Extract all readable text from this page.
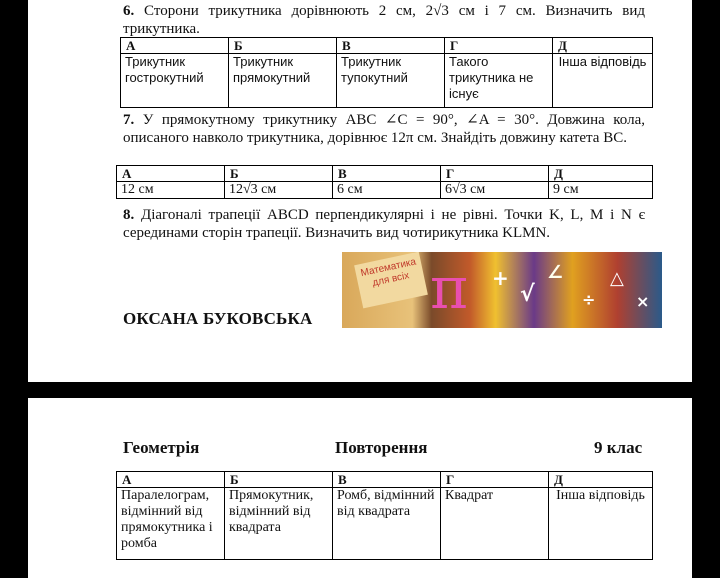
6. Сторони трикутника дорівнюють 2 см, 2√3 см і 7 см. Визначить вид трикутника.
А	Б	В	Г	Д
Трикутник гострокутний	Трикутник прямокутний	Трикутник тупокутний	Такого трикутника не існує	Інша відповідь
7. У прямокутному трикутнику ABC ∠C = 90°, ∠A = 30°. Довжина кола, описаного навколо трикутника, дорівнює 12π см. Знайдіть довжину катета BC.
А	Б	В	Г	Д
12 см	12√3 см	6 см	6√3 см	9 см
8. Діагоналі трапеції ABCD перпендикулярні і не рівні. Точки K, L, M i N є серединами сторін трапеції. Визначить вид чотирикутника KLMN.
Математика для всіх π +
√
∠
÷
△
×
ОКСАНА БУКОВСЬКА
Геометрія	Повторення	9 клас
А	Б	В	Г	Д
Паралелограм, відмінний від прямокутника і ромба	Прямокутник, відмінний від квадрата	Ромб, відмінний від квадрата	Квадрат	Інша відповідь
